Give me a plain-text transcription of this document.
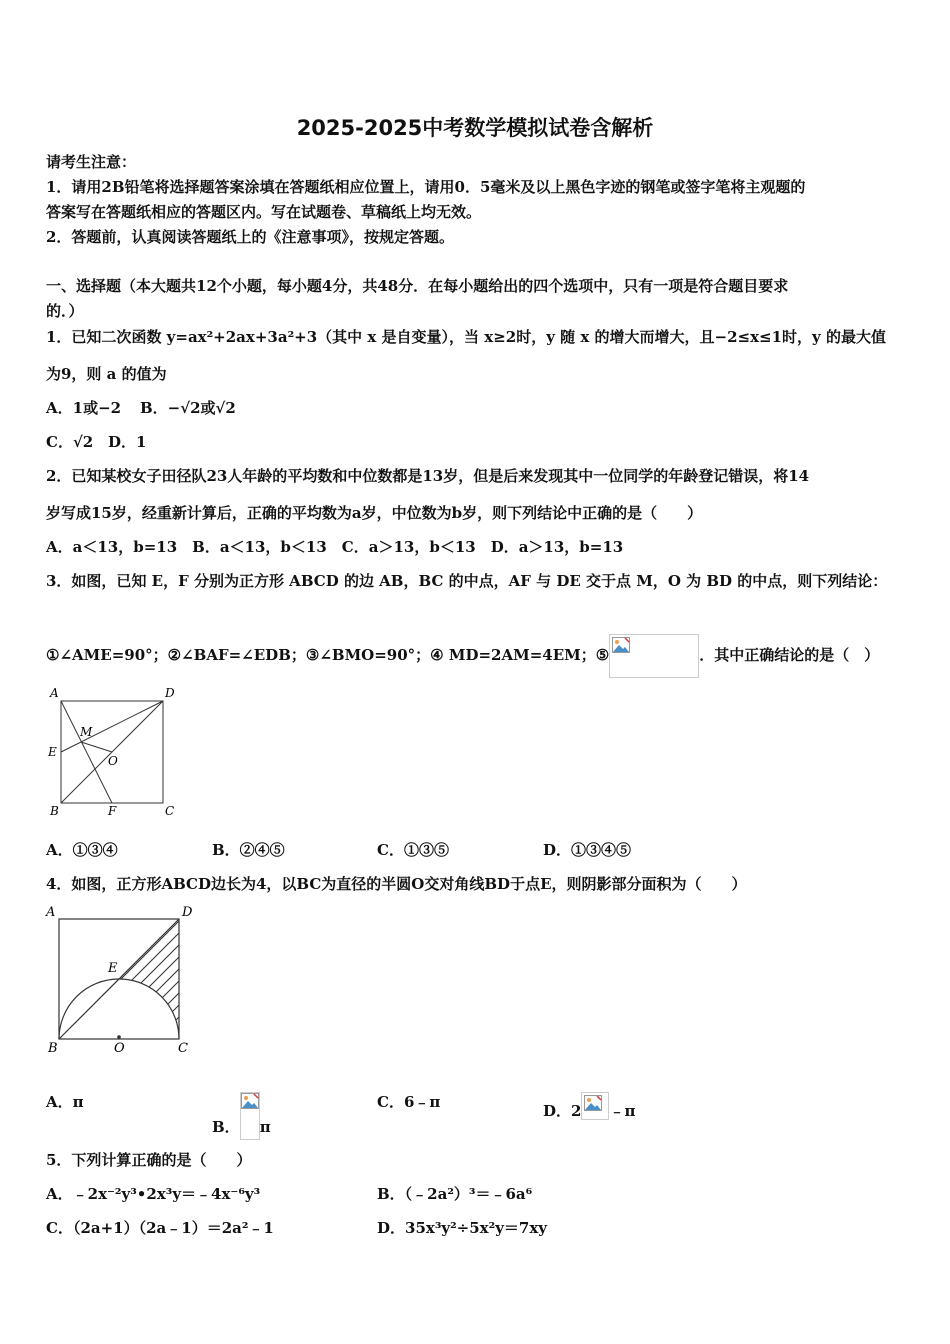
2025-2025中考数学模拟试卷含解析
请考生注意：
1．请用2B铅笔将选择题答案涂填在答题纸相应位置上，请用0．5毫米及以上黑色字迹的钢笔或签字笔将主观题的
答案写在答题纸相应的答题区内。写在试题卷、草稿纸上均无效。
2．答题前，认真阅读答题纸上的《注意事项》，按规定答题。
一、选择题（本大题共12个小题，每小题4分，共48分．在每小题给出的四个选项中，只有一项是符合题目要求
的．）
1．已知二次函数 y=ax²+2ax+3a²+3（其中 x 是自变量），当 x≥2时，y 随 x 的增大而增大，且−2≤x≤1时，y 的最大值
为9，则 a 的值为
A．1或−2 B．−√2或√2
C．√2 D．1
2．已知某校女子田径队23人年龄的平均数和中位数都是13岁，但是后来发现其中一位同学的年龄登记错误，将14
岁写成15岁，经重新计算后，正确的平均数为a岁，中位数为b岁，则下列结论中正确的是（　　）
A．a＜13，b=13　B．a＜13，b＜13　C．a＞13，b＜13　D．a＞13，b=13
3．如图，已知 E，F 分别为正方形 ABCD 的边 AB，BC 的中点，AF 与 DE 交于点 M，O 为 BD 的中点，则下列结论：
①∠AME=90°；②∠BAF=∠EDB；③∠BMO=90°；④ MD=2AM=4EM；⑤	．其中正确结论的是（　）
A	D
M
E
O
B	F	C
A．①③④	B．②④⑤	C．①③⑤	D．①③④⑤
4．如图，正方形ABCD边长为4，以BC为直径的半圆O交对角线BD于点E，则阴影部分面积为（　　）
A	D
E
B	O	C
A．π
B． π
C．6﹣π	D．2 ﹣π
5．下列计算正确的是（　　）
A．﹣2x⁻²y³•2x³y＝﹣4x⁻⁶y³	B．（﹣2a²）³＝﹣6a⁶
C．（2a+1）（2a﹣1）＝2a²﹣1	D．35x³y²÷5x²y＝7xy
